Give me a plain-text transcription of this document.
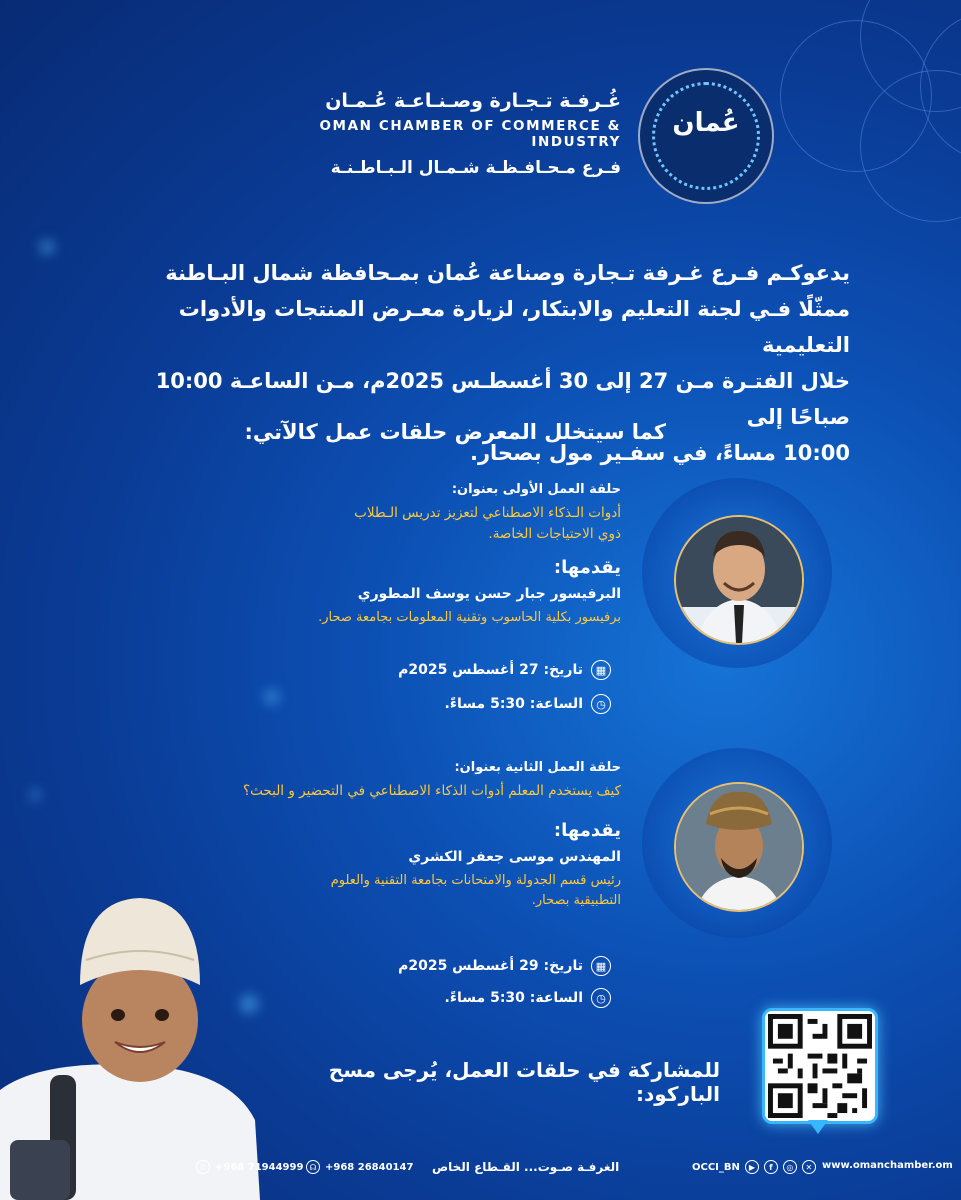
غُـرفـة تـجـارة وصـنـاعـة عُـمـان
OMAN CHAMBER OF COMMERCE & INDUSTRY
فـرع مـحـافـظـة شـمـال الـبـاطـنـة
عُمان
يدعوكـم فـرع غـرفة تـجارة وصناعة عُمان بمـحافظة شمال البـاطنة
ممثّلًا فـي لجنة التعليم والابتكار، لزيارة معـرض المنتجات والأدوات التعليمية
خلال الفتـرة مـن 27 إلى 30 أغسطـس 2025م، مـن الساعـة 10:00 صباحًا إلى
10:00 مساءً، في سفـير مول بصحار.
كما سيتخلل المعرض حلقات عمل كالآتي:
حلقة العمل الأولى بعنوان:
أدوات الـذكاء الاصطناعي لتعزيز تدريس الـطلاب
ذوي الاحتياجات الخاصة.
يقدمها:
البرفيسور جبار حسن يوسف المطوري
برفيسور بكلية الحاسوب وتقنية المعلومات بجامعة صحار.
▦
تاريخ: 27 أغسطس 2025م
◷
الساعة: 5:30 مساءً.
حلقة العمل الثانية بعنوان:
كيف يستخدم المعلم أدوات الذكاء الاصطناعي في التحضير و البحث؟
يقدمها:
المهندس موسى جعفر الكشري
رئيس قسم الجدولة والامتحانات بجامعة التقنية والعلوم
التطبيقية بصحار.
▦
تاريخ: 29 أغسطس 2025م
◷
الساعة: 5:30 مساءً.
للمشاركة في حلقات العمل، يُرجى مسح الباركود:
✆ +968 71944999 ☊ +968 26840147 الغرفـة صـوت... القـطاع الخاص	OCCI_BN	▶	f	◎	✕ www.omanchamber.om
